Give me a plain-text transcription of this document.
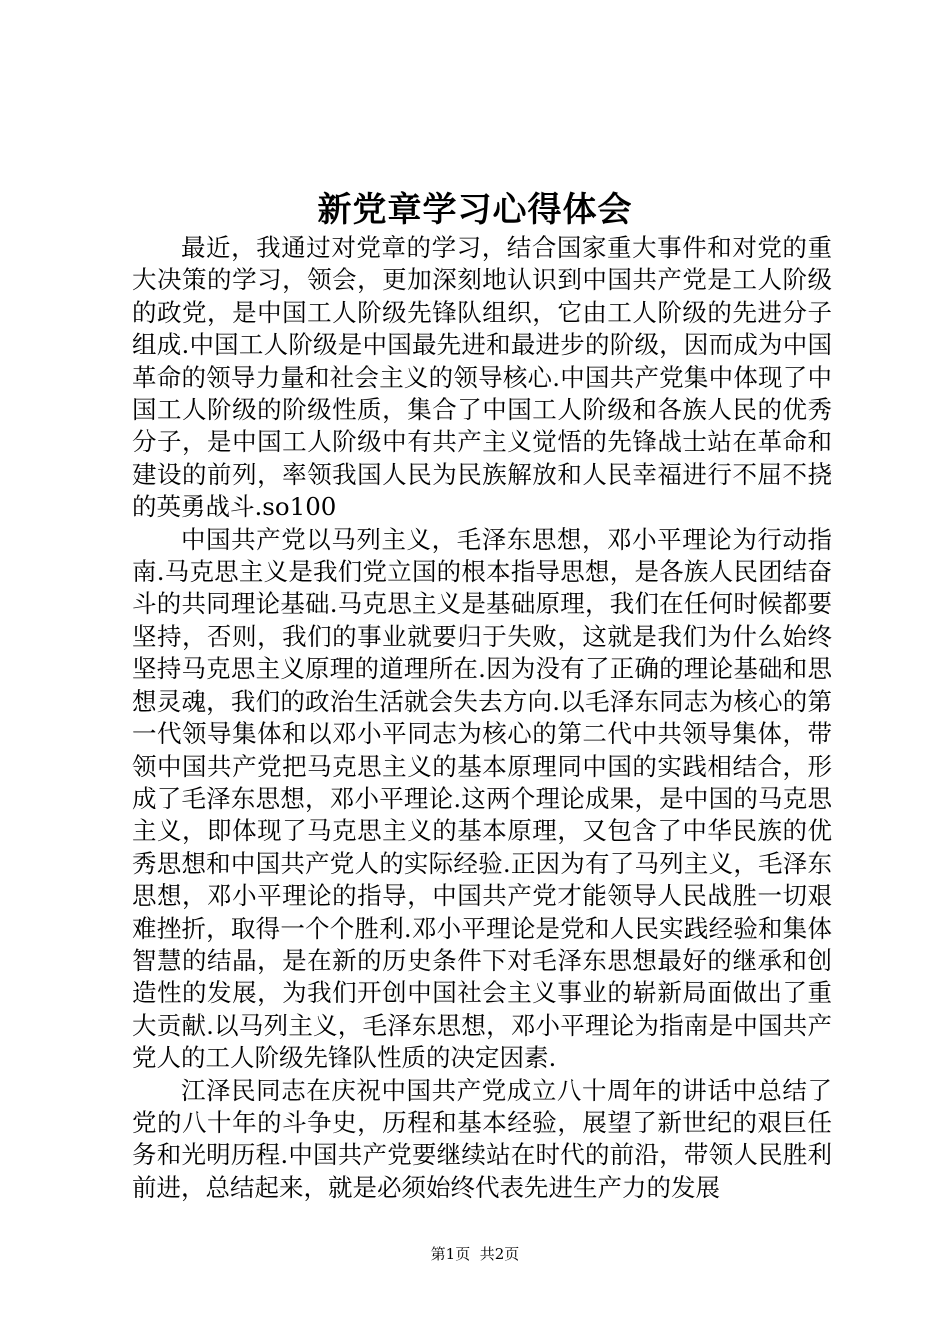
新党章学习心得体会

最近，我通过对党章的学习，结合国家重大事件和对党的重大决策的学习，领会，更加深刻地认识到中国共产党是工人阶级的政党，是中国工人阶级先锋队组织，它由工人阶级的先进分子组成.中国工人阶级是中国最先进和最进步的阶级，因而成为中国革命的领导力量和社会主义的领导核心.中国共产党集中体现了中国工人阶级的阶级性质，集合了中国工人阶级和各族人民的优秀分子，是中国工人阶级中有共产主义觉悟的先锋战士站在革命和建设的前列，率领我国人民为民族解放和人民幸福进行不屈不挠的英勇战斗.so100

中国共产党以马列主义，毛泽东思想，邓小平理论为行动指南.马克思主义是我们党立国的根本指导思想，是各族人民团结奋斗的共同理论基础.马克思主义是基础原理，我们在任何时候都要坚持，否则，我们的事业就要归于失败，这就是我们为什么始终坚持马克思主义原理的道理所在.因为没有了正确的理论基础和思想灵魂，我们的政治生活就会失去方向.以毛泽东同志为核心的第一代领导集体和以邓小平同志为核心的第二代中共领导集体，带领中国共产党把马克思主义的基本原理同中国的实践相结合，形成了毛泽东思想，邓小平理论.这两个理论成果，是中国的马克思主义，即体现了马克思主义的基本原理，又包含了中华民族的优秀思想和中国共产党人的实际经验.正因为有了马列主义，毛泽东思想，邓小平理论的指导，中国共产党才能领导人民战胜一切艰难挫折，取得一个个胜利.邓小平理论是党和人民实践经验和集体智慧的结晶，是在新的历史条件下对毛泽东思想最好的继承和创造性的发展，为我们开创中国社会主义事业的崭新局面做出了重大贡献.以马列主义，毛泽东思想，邓小平理论为指南是中国共产党人的工人阶级先锋队性质的决定因素.

江泽民同志在庆祝中国共产党成立八十周年的讲话中总结了党的八十年的斗争史，历程和基本经验，展望了新世纪的艰巨任务和光明历程.中国共产党要继续站在时代的前沿，带领人民胜利前进，总结起来，就是必须始终代表先进生产力的发展

第1页 共2页
